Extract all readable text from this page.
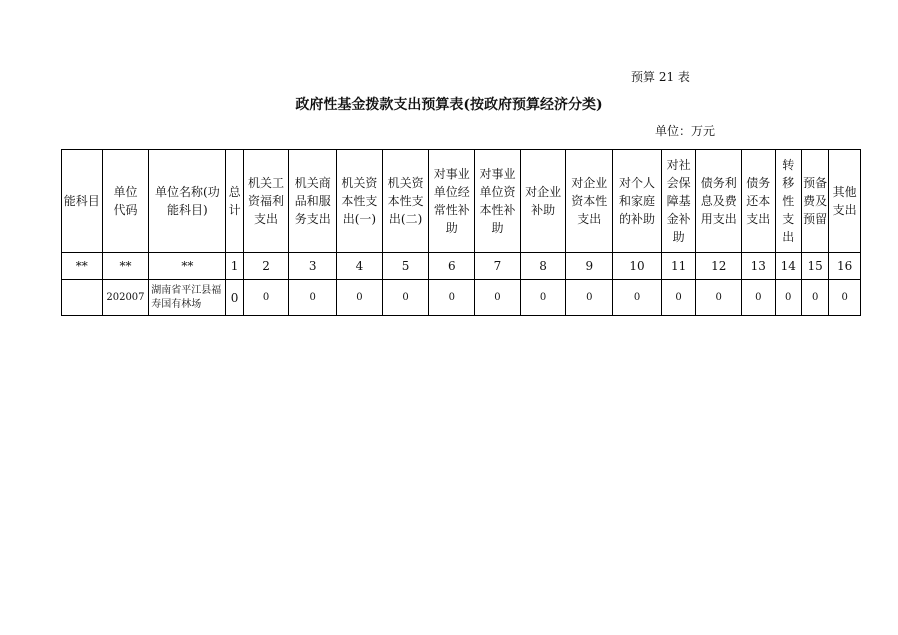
预算 21 表
政府性基金拨款支出预算表(按政府预算经济分类)
单位：万元
能科目	单位代码	单位名称(功能科目)	总计	机关工资福利支出	机关商品和服务支出	机关资本性支出(一)	机关资本性支出(二)	对事业单位经常性补助	对事业单位资本性补助	对企业补助	对企业资本性支出	对个人和家庭的补助	对社会保障基金补助	债务利息及费用支出	债务还本支出	转移性支出	预备费及预留	其他支出
**	**	**	1	2	3	4	5	6	7	8	9	10	11	12	13	14	15	16
	202007	湖南省平江县福寿国有林场	0	0	0	0	0	0	0	0	0	0	0	0	0	0	0	0
